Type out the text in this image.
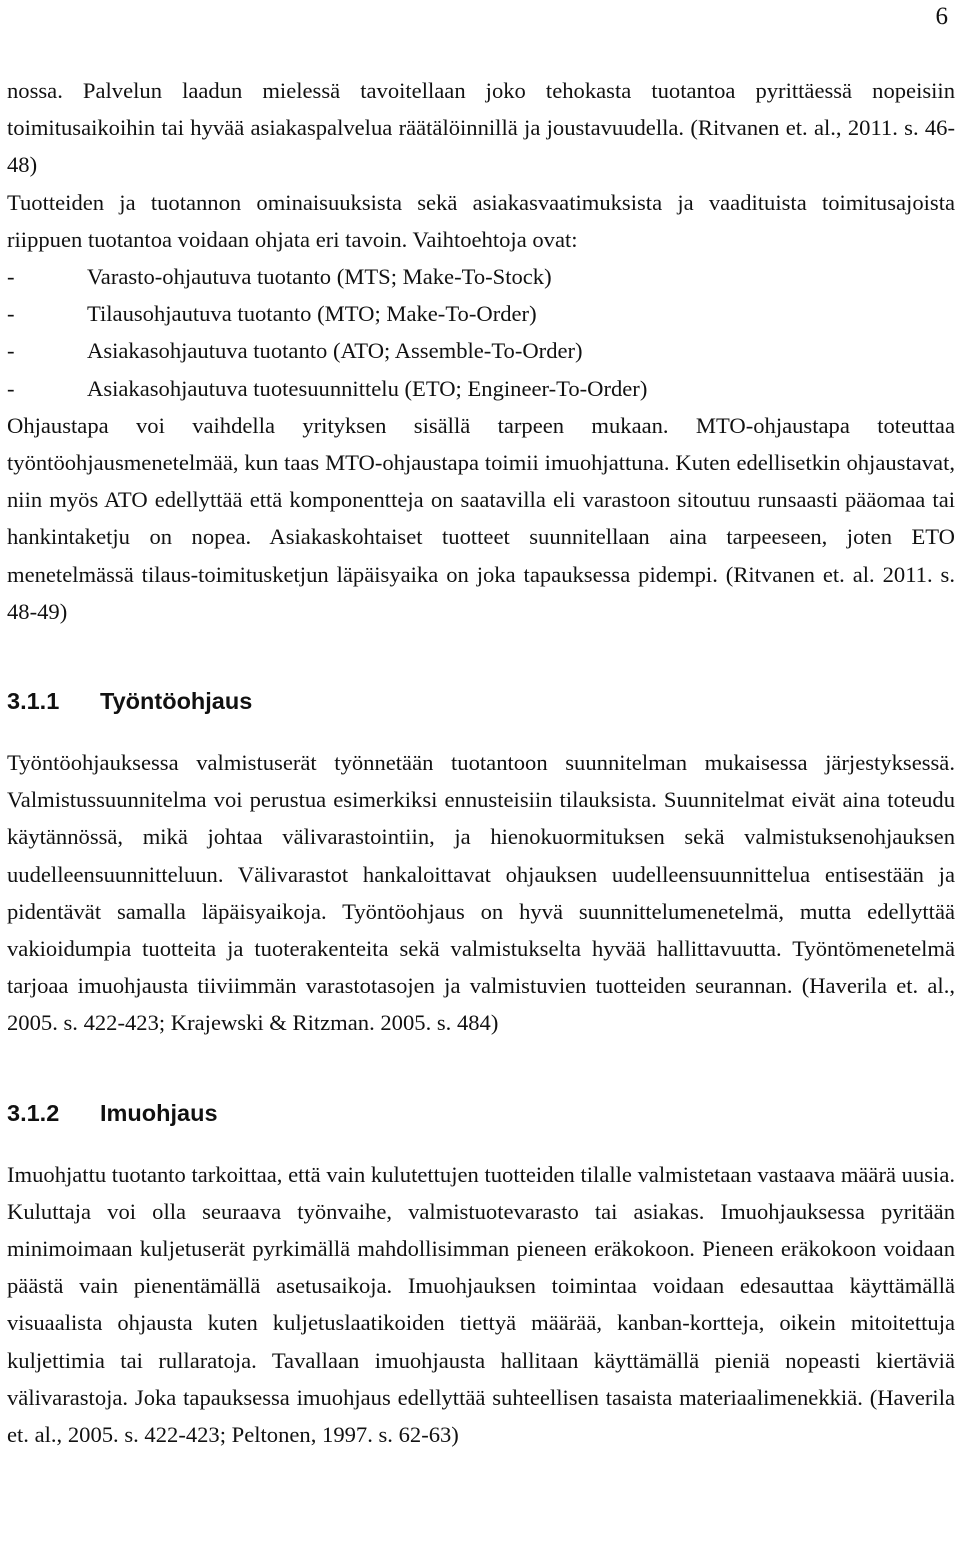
6

nossa. Palvelun laadun mielessä tavoitellaan joko tehokasta tuotantoa pyrittäessä nopeisiin toimitusaikoihin tai hyvää asiakaspalvelua räätälöinnillä ja joustavuudella. (Ritvanen et. al., 2011. s. 46-48)

Tuotteiden ja tuotannon ominaisuuksista sekä asiakasvaatimuksista ja vaadituista toimitusajoista riippuen tuotantoa voidaan ohjata eri tavoin. Vaihtoehtoja ovat:

-	Varasto-ohjautuva tuotanto (MTS; Make-To-Stock)
-	Tilausohjautuva tuotanto (MTO; Make-To-Order)
-	Asiakasohjautuva tuotanto (ATO; Assemble-To-Order)
-	Asiakasohjautuva tuotesuunnittelu (ETO; Engineer-To-Order)

Ohjaustapa voi vaihdella yrityksen sisällä tarpeen mukaan. MTO-ohjaustapa toteuttaa työntöohjausmenetelmää, kun taas MTO-ohjaustapa toimii imuohjattuna. Kuten edellisetkin ohjaustavat, niin myös ATO edellyttää että komponentteja on saatavilla eli varastoon sitoutuu runsaasti pääomaa tai hankintaketju on nopea. Asiakaskohtaiset tuotteet suunnitellaan aina tarpeeseen, joten ETO menetelmässä tilaus-toimitusketjun läpäisyaika on joka tapauksessa pidempi. (Ritvanen et. al. 2011. s. 48-49)

3.1.1	Työntöohjaus

Työntöohjauksessa valmistuserät työnnetään tuotantoon suunnitelman mukaisessa järjestyksessä. Valmistussuunnitelma voi perustua esimerkiksi ennusteisiin tilauksista. Suunnitelmat eivät aina toteudu käytännössä, mikä johtaa välivarastointiin, ja hienokuormituksen sekä valmistuksenohjauksen uudelleensuunnitteluun. Välivarastot hankaloittavat ohjauksen uudelleensuunnittelua entisestään ja pidentävät samalla läpäisyaikoja. Työntöohjaus on hyvä suunnittelumenetelmä, mutta edellyttää vakioidumpia tuotteita ja tuoterakenteita sekä valmistukselta hyvää hallittavuutta. Työntömenetelmä tarjoaa imuohjausta tiiviimmän varastotasojen ja valmistuvien tuotteiden seurannan. (Haverila et. al., 2005. s. 422-423; Krajewski & Ritzman. 2005. s. 484)

3.1.2	Imuohjaus

Imuohjattu tuotanto tarkoittaa, että vain kulutettujen tuotteiden tilalle valmistetaan vastaava määrä uusia. Kuluttaja voi olla seuraava työnvaihe, valmistuotevarasto tai asiakas. Imuohjauksessa pyritään minimoimaan kuljetuserät pyrkimällä mahdollisimman pieneen eräkokoon. Pieneen eräkokoon voidaan päästä vain pienentämällä asetusaikoja. Imuohjauksen toimintaa voidaan edesauttaa käyttämällä visuaalista ohjausta kuten kuljetuslaatikoiden tiettyä määrää, kanban-kortteja, oikein mitoitettuja kuljettimia tai rullaratoja. Tavallaan imuohjausta hallitaan käyttämällä pieniä nopeasti kiertäviä välivarastoja. Joka tapauksessa imuohjaus edellyttää suhteellisen tasaista materiaalimenekkiä. (Haverila et. al., 2005. s. 422-423; Peltonen, 1997. s. 62-63)
